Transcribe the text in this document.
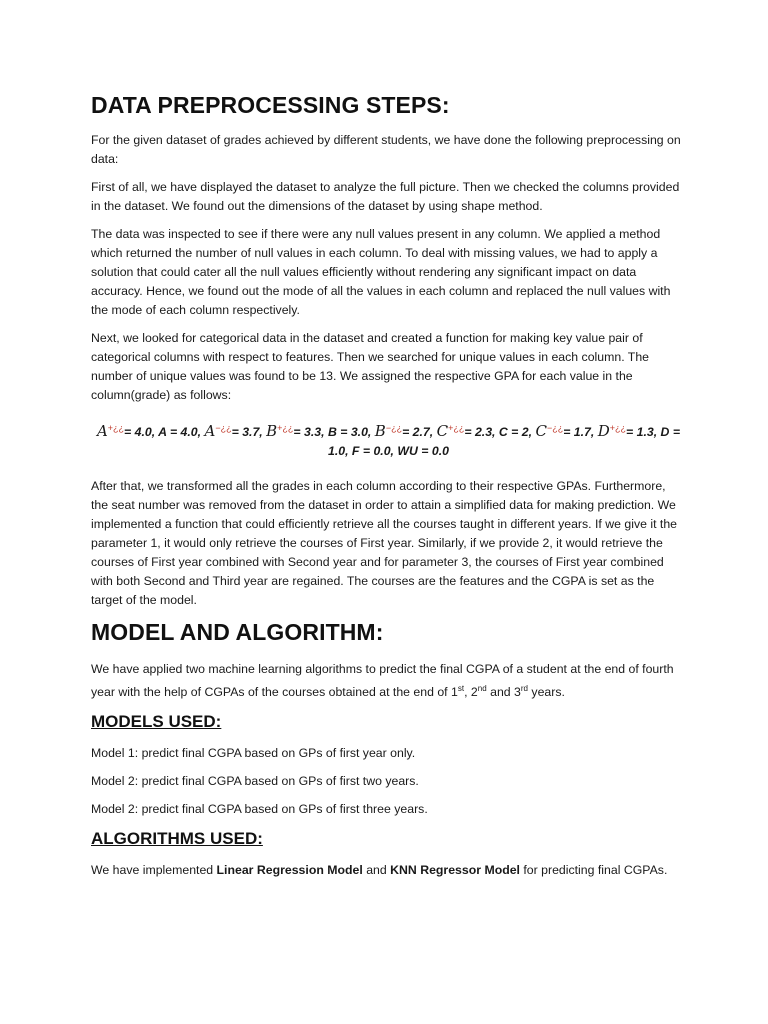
DATA PREPROCESSING STEPS:

For the given dataset of grades achieved by different students, we have done the following preprocessing on data:

First of all, we have displayed the dataset to analyze the full picture. Then we checked the columns provided in the dataset. We found out the dimensions of the dataset by using shape method.

The data was inspected to see if there were any null values present in any column. We applied a method which returned the number of null values in each column. To deal with missing values, we had to apply a solution that could cater all the null values efficiently without rendering any significant impact on data accuracy. Hence, we found out the mode of all the values in each column and replaced the null values with the mode of each column respectively.

Next, we looked for categorical data in the dataset and created a function for making key value pair of categorical columns with respect to features. Then we searched for unique values in each column. The number of unique values was found to be 13. We assigned the respective GPA for each value in the column(grade) as follows:

A+¿¿= 4.0, A = 4.0, A−¿¿= 3.7, B+¿¿= 3.3, B = 3.0, B−¿¿= 2.7, C+¿¿= 2.3, C = 2, C−¿¿= 1.7, D+¿¿= 1.3, D =
1.0, F = 0.0, WU = 0.0

After that, we transformed all the grades in each column according to their respective GPAs. Furthermore, the seat number was removed from the dataset in order to attain a simplified data for making prediction. We implemented a function that could efficiently retrieve all the courses taught in different years. If we give it the parameter 1, it would only retrieve the courses of First year. Similarly, if we provide 2, it would retrieve the courses of First year combined with Second year and for parameter 3, the courses of First year combined with both Second and Third year are regained. The courses are the features and the CGPA is set as the target of the model.

MODEL AND ALGORITHM:

We have applied two machine learning algorithms to predict the final CGPA of a student at the end of fourth year with the help of CGPAs of the courses obtained at the end of 1st, 2nd and 3rd years.

MODELS USED:

Model 1: predict final CGPA based on GPs of first year only.

Model 2: predict final CGPA based on GPs of first two years.

Model 2: predict final CGPA based on GPs of first three years.

ALGORITHMS USED:

We have implemented Linear Regression Model and KNN Regressor Model for predicting final CGPAs.
